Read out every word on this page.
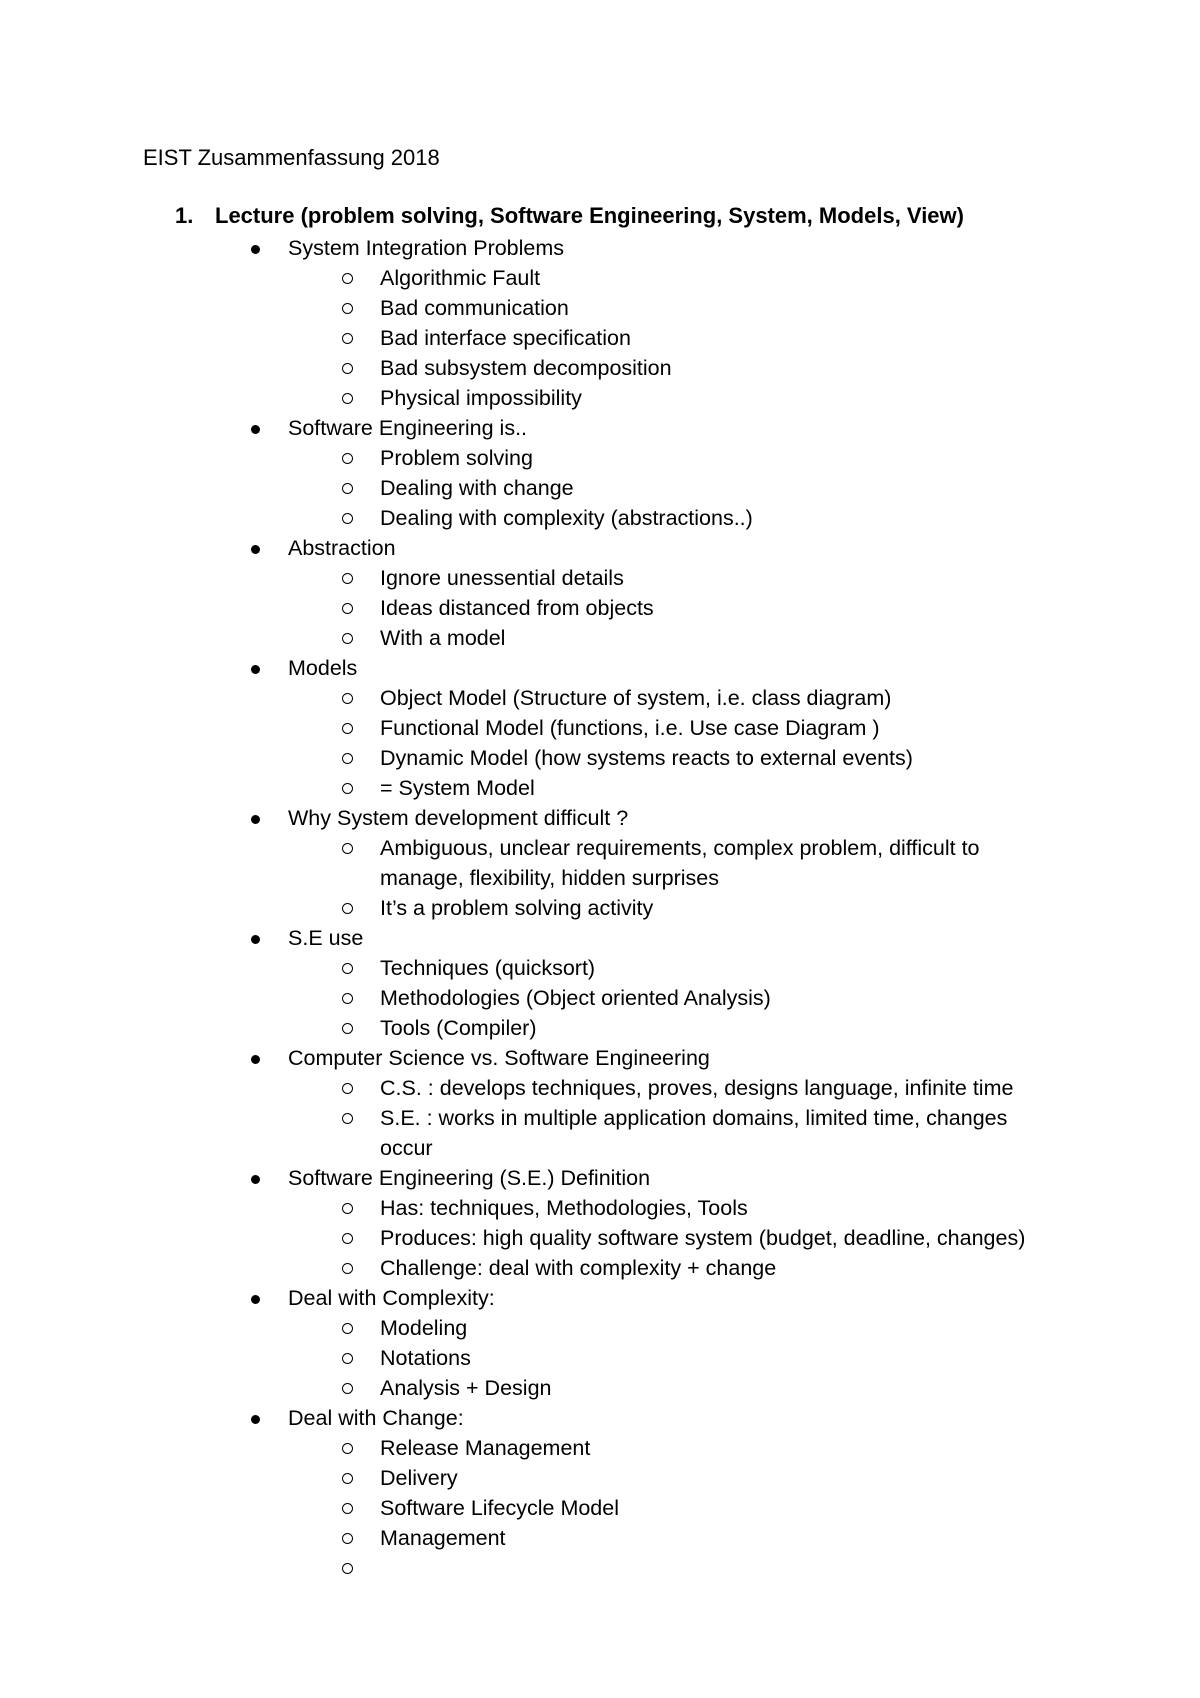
EIST Zusammenfassung 2018
1. Lecture (problem solving, Software Engineering, System, Models, View)
System Integration Problems
Algorithmic Fault
Bad communication
Bad interface specification
Bad subsystem decomposition
Physical impossibility
Software Engineering is..
Problem solving
Dealing with change
Dealing with complexity (abstractions..)
Abstraction
Ignore unessential details
Ideas distanced from objects
With a model
Models
Object Model (Structure of system, i.e. class diagram)
Functional Model (functions, i.e. Use case Diagram )
Dynamic Model (how systems reacts to external events)
= System Model
Why System development difficult ?
Ambiguous, unclear requirements, complex problem, difficult to
manage, flexibility, hidden surprises
It’s a problem solving activity
S.E use
Techniques (quicksort)
Methodologies (Object oriented Analysis)
Tools (Compiler)
Computer Science vs. Software Engineering
C.S. : develops techniques, proves, designs language, infinite time
S.E. : works in multiple application domains, limited time, changes
occur
Software Engineering (S.E.) Definition
Has: techniques, Methodologies, Tools
Produces: high quality software system (budget, deadline, changes)
Challenge: deal with complexity + change
Deal with Complexity:
Modeling
Notations
Analysis + Design
Deal with Change:
Release Management
Delivery
Software Lifecycle Model
Management
